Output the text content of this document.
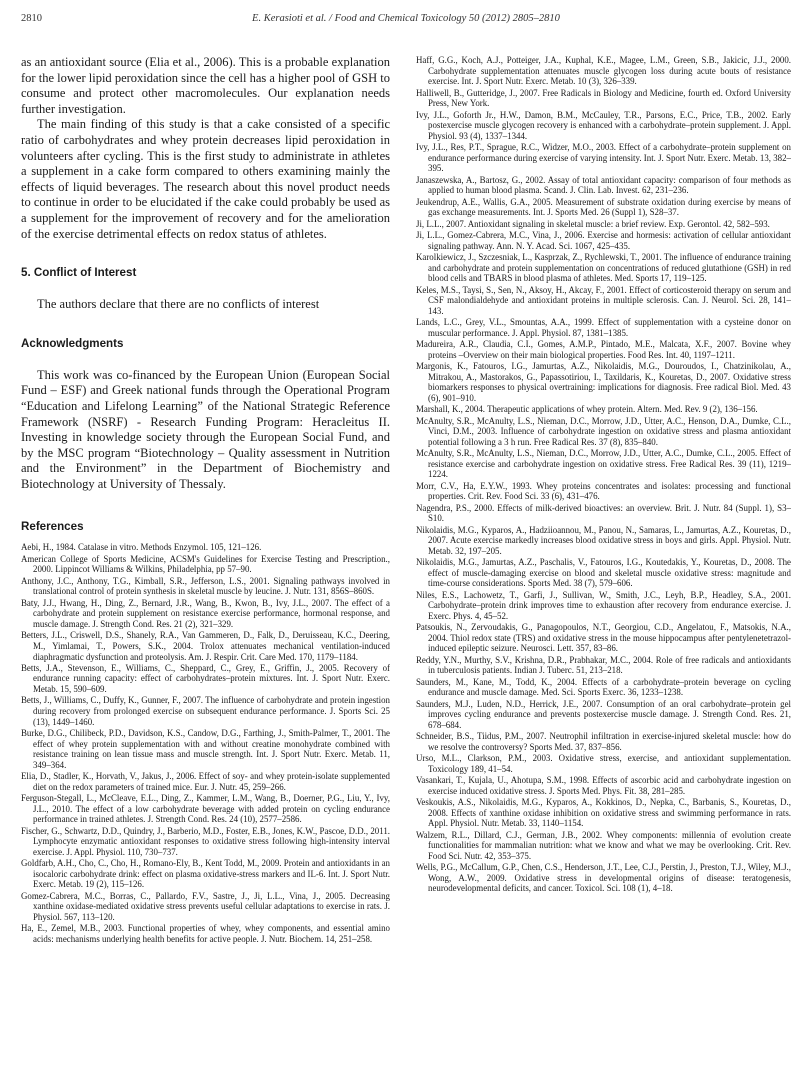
2810	E. Kerasioti et al. / Food and Chemical Toxicology 50 (2012) 2805–2810

as an antioxidant source (Elia et al., 2006). This is a probable explanation for the lower lipid peroxidation since the cell has a higher pool of GSH to consume and protect other macromolecules. Our explanation needs further investigation.

The main finding of this study is that a cake consisted of a specific ratio of carbohydrates and whey protein decreases lipid peroxidation in volunteers after cycling. This is the first study to administrate in athletes a supplement in a cake form compared to others examining mainly the effects of liquid beverages. The research about this novel product needs to continue in order to be elucidated if the cake could probably be used as a supplement for the improvement of recovery and for the amelioration of the exercise detrimental effects on redox status of athletes.

5. Conflict of Interest

The authors declare that there are no conflicts of interest

Acknowledgments

This work was co-financed by the European Union (European Social Fund – ESF) and Greek national funds through the Operational Program “Education and Lifelong Learning” of the National Strategic Reference Framework (NSRF) - Research Funding Program: Heracleitus II. Investing in knowledge society through the European Social Fund, and by the MSC program “Biotechnology – Quality assessment in Nutrition and the Environment” in the Department of Biochemistry and Biotechnology at University of Thessaly.

References
Aebi, H., 1984. Catalase in vitro. Methods Enzymol. 105, 121–126.
American College of Sports Medicine, ACSM's Guidelines for Exercise Testing and Prescription., 2000. Lippincot Williams & Wilkins, Philadelphia, pp 57–90.
Anthony, J.C., Anthony, T.G., Kimball, S.R., Jefferson, L.S., 2001. Signaling pathways involved in translational control of protein synthesis in skeletal muscle by leucine. J. Nutr. 131, 856S–860S.
Baty, J.J., Hwang, H., Ding, Z., Bernard, J.R., Wang, B., Kwon, B., Ivy, J.L., 2007. The effect of a carbohydrate and protein supplement on resistance exercise performance, hormonal response, and muscle damage. J. Strength Cond. Res. 21 (2), 321–329.
Betters, J.L., Criswell, D.S., Shanely, R.A., Van Gammeren, D., Falk, D., Deruisseau, K.C., Deering, M., Yimlamai, T., Powers, S.K., 2004. Trolox attenuates mechanical ventilation-induced diaphragmatic dysfunction and proteolysis. Am. J. Respir. Crit. Care Med. 170, 1179–1184.
Betts, J.A., Stevenson, E., Williams, C., Sheppard, C., Grey, E., Griffin, J., 2005. Recovery of endurance running capacity: effect of carbohydrates–protein mixtures. Int. J. Sport Nutr. Exerc. Metab. 15, 590–609.
Betts, J., Williams, C., Duffy, K., Gunner, F., 2007. The influence of carbohydrate and protein ingestion during recovery from prolonged exercise on subsequent endurance performance. J. Sports Sci. 25 (13), 1449–1460.
Burke, D.G., Chilibeck, P.D., Davidson, K.S., Candow, D.G., Farthing, J., Smith-Palmer, T., 2001. The effect of whey protein supplementation with and without creatine monohydrate combined with resistance training on lean tissue mass and muscle strength. Int. J. Sport Nutr. Exerc. Metab. 11, 349–364.
Elia, D., Stadler, K., Horvath, V., Jakus, J., 2006. Effect of soy- and whey protein-isolate supplemented diet on the redox parameters of trained mice. Eur. J. Nutr. 45, 259–266.
Ferguson-Stegall, L., McCleave, E.L., Ding, Z., Kammer, L.M., Wang, B., Doerner, P.G., Liu, Y., Ivy, J.L., 2010. The effect of a low carbohydrate beverage with added protein on cycling endurance performance in trained athletes. J. Strength Cond. Res. 24 (10), 2577–2586.
Fischer, G., Schwartz, D.D., Quindry, J., Barberio, M.D., Foster, E.B., Jones, K.W., Pascoe, D.D., 2011. Lymphocyte enzymatic antioxidant responses to oxidative stress following high-intensity interval exercise. J. Appl. Physiol. 110, 730–737.
Goldfarb, A.H., Cho, C., Cho, H., Romano-Ely, B., Kent Todd, M., 2009. Protein and antioxidants in an isocaloric carbohydrate drink: effect on plasma oxidative-stress markers and IL-6. Int. J. Sport Nutr. Exerc. Metab. 19 (2), 115–126.
Gomez-Cabrera, M.C., Borras, C., Pallardo, F.V., Sastre, J., Ji, L.L., Vina, J., 2005. Decreasing xanthine oxidase-mediated oxidative stress prevents useful cellular adaptations to exercise in rats. J. Physiol. 567, 113–120.
Ha, E., Zemel, M.B., 2003. Functional properties of whey, whey components, and essential amino acids: mechanisms underlying health benefits for active people. J. Nutr. Biochem. 14, 251–258.
Haff, G.G., Koch, A.J., Potteiger, J.A., Kuphal, K.E., Magee, L.M., Green, S.B., Jakicic, J.J., 2000. Carbohydrate supplementation attenuates muscle glycogen loss during acute bouts of resistance exercise. Int. J. Sport Nutr. Exerc. Metab. 10 (3), 326–339.
Halliwell, B., Gutteridge, J., 2007. Free Radicals in Biology and Medicine, fourth ed. Oxford University Press, New York.
Ivy, J.L., Goforth Jr., H.W., Damon, B.M., McCauley, T.R., Parsons, E.C., Price, T.B., 2002. Early postexercise muscle glycogen recovery is enhanced with a carbohydrate–protein supplement. J. Appl. Physiol. 93 (4), 1337–1344.
Ivy, J.L., Res, P.T., Sprague, R.C., Widzer, M.O., 2003. Effect of a carbohydrate–protein supplement on endurance performance during exercise of varying intensity. Int. J. Sport Nutr. Exerc. Metab. 13, 382–395.
Janaszewska, A., Bartosz, G., 2002. Assay of total antioxidant capacity: comparison of four methods as applied to human blood plasma. Scand. J. Clin. Lab. Invest. 62, 231–236.
Jeukendrup, A.E., Wallis, G.A., 2005. Measurement of substrate oxidation during exercise by means of gas exchange measurements. Int. J. Sports Med. 26 (Suppl 1), S28–37.
Ji, L.L., 2007. Antioxidant signaling in skeletal muscle: a brief review. Exp. Gerontol. 42, 582–593.
Ji, L.L., Gomez-Cabrera, M.C., Vina, J., 2006. Exercise and hormesis: activation of cellular antioxidant signaling pathway. Ann. N. Y. Acad. Sci. 1067, 425–435.
Karolkiewicz, J., Szczesniak, L., Kasprzak, Z., Rychlewski, T., 2001. The influence of endurance training and carbohydrate and protein supplementation on concentrations of reduced glutathione (GSH) in red blood cells and TBARS in blood plasma of athletes. Med. Sports 17, 119–125.
Keles, M.S., Taysi, S., Sen, N., Aksoy, H., Akcay, F., 2001. Effect of corticosteroid therapy on serum and CSF malondialdehyde and antioxidant proteins in multiple sclerosis. Can. J. Neurol. Sci. 28, 141–143.
Lands, L.C., Grey, V.L., Smountas, A.A., 1999. Effect of supplementation with a cysteine donor on muscular performance. J. Appl. Physiol. 87, 1381–1385.
Madureira, A.R., Claudia, C.I., Gomes, A.M.P., Pintado, M.E., Malcata, X.F., 2007. Bovine whey proteins –Overview on their main biological properties. Food Res. Int. 40, 1197–1211.
Margonis, K., Fatouros, I.G., Jamurtas, A.Z., Nikolaidis, M.G., Douroudos, I., Chatzinikolau, A., Mitrakou, A., Mastorakos, G., Papassotiriou, I., Taxildaris, K., Kouretas, D., 2007. Oxidative stress biomarkers responses to physical overtraining: implications for diagnosis. Free radical Biol. Med. 43 (6), 901–910.
Marshall, K., 2004. Therapeutic applications of whey protein. Altern. Med. Rev. 9 (2), 136–156.
McAnulty, S.R., McAnulty, L.S., Nieman, D.C., Morrow, J.D., Utter, A.C., Henson, D.A., Dumke, C.L., Vinci, D.M., 2003. Influence of carbohydrate ingestion on oxidative stress and plasma antioxidant potential following a 3 h run. Free Radical Res. 37 (8), 835–840.
McAnulty, S.R., McAnulty, L.S., Nieman, D.C., Morrow, J.D., Utter, A.C., Dumke, C.L., 2005. Effect of resistance exercise and carbohydrate ingestion on oxidative stress. Free Radical Res. 39 (11), 1219–1224.
Morr, C.V., Ha, E.Y.W., 1993. Whey proteins concentrates and isolates: processing and functional properties. Crit. Rev. Food Sci. 33 (6), 431–476.
Nagendra, P.S., 2000. Effects of milk-derived bioactives: an overview. Brit. J. Nutr. 84 (Suppl. 1), S3–S10.
Nikolaidis, M.G., Kyparos, A., Hadziioannou, M., Panou, N., Samaras, L., Jamurtas, A.Z., Kouretas, D., 2007. Acute exercise markedly increases blood oxidative stress in boys and girls. Appl. Physiol. Nutr. Metab. 32, 197–205.
Nikolaidis, M.G., Jamurtas, A.Z., Paschalis, V., Fatouros, I.G., Koutedakis, Y., Kouretas, D., 2008. The effect of muscle-damaging exercise on blood and skeletal muscle oxidative stress: magnitude and time-course considerations. Sports Med. 38 (7), 579–606.
Niles, E.S., Lachowetz, T., Garfi, J., Sullivan, W., Smith, J.C., Leyh, B.P., Headley, S.A., 2001. Carbohydrate–protein drink improves time to exhaustion after recovery from endurance exercise. J. Exerc. Phys. 4, 45–52.
Patsoukis, N., Zervoudakis, G., Panagopoulos, N.T., Georgiou, C.D., Angelatou, F., Matsokis, N.A., 2004. Thiol redox state (TRS) and oxidative stress in the mouse hippocampus after pentylenetetrazol-induced epileptic seizure. Neurosci. Lett. 357, 83–86.
Reddy, Y.N., Murthy, S.V., Krishna, D.R., Prabhakar, M.C., 2004. Role of free radicals and antioxidants in tuberculosis patients. Indian J. Tuberc. 51, 213–218.
Saunders, M., Kane, M., Todd, K., 2004. Effects of a carbohydrate–protein beverage on cycling endurance and muscle damage. Med. Sci. Sports Exerc. 36, 1233–1238.
Saunders, M.J., Luden, N.D., Herrick, J.E., 2007. Consumption of an oral carbohydrate–protein gel improves cycling endurance and prevents postexercise muscle damage. J. Strength Cond. Res. 21, 678–684.
Schneider, B.S., Tiidus, P.M., 2007. Neutrophil infiltration in exercise-injured skeletal muscle: how do we resolve the controversy? Sports Med. 37, 837–856.
Urso, M.L., Clarkson, P.M., 2003. Oxidative stress, exercise, and antioxidant supplementation. Toxicology 189, 41–54.
Vasankari, T., Kujala, U., Ahotupa, S.M., 1998. Effects of ascorbic acid and carbohydrate ingestion on exercise induced oxidative stress. J. Sports Med. Phys. Fit. 38, 281–285.
Veskoukis, A.S., Nikolaidis, M.G., Kyparos, A., Kokkinos, D., Nepka, C., Barbanis, S., Kouretas, D., 2008. Effects of xanthine oxidase inhibition on oxidative stress and swimming performance in rats. Appl. Physiol. Nutr. Metab. 33, 1140–1154.
Walzem, R.L., Dillard, C.J., German, J.B., 2002. Whey components: millennia of evolution create functionalities for mammalian nutrition: what we know and what we may be overlooking. Crit. Rev. Food Sci. Nutr. 42, 353–375.
Wells, P.G., McCallum, G.P., Chen, C.S., Henderson, J.T., Lee, C.J., Perstin, J., Preston, T.J., Wiley, M.J., Wong, A.W., 2009. Oxidative stress in developmental origins of disease: teratogenesis, neurodevelopmental deficits, and cancer. Toxicol. Sci. 108 (1), 4–18.
